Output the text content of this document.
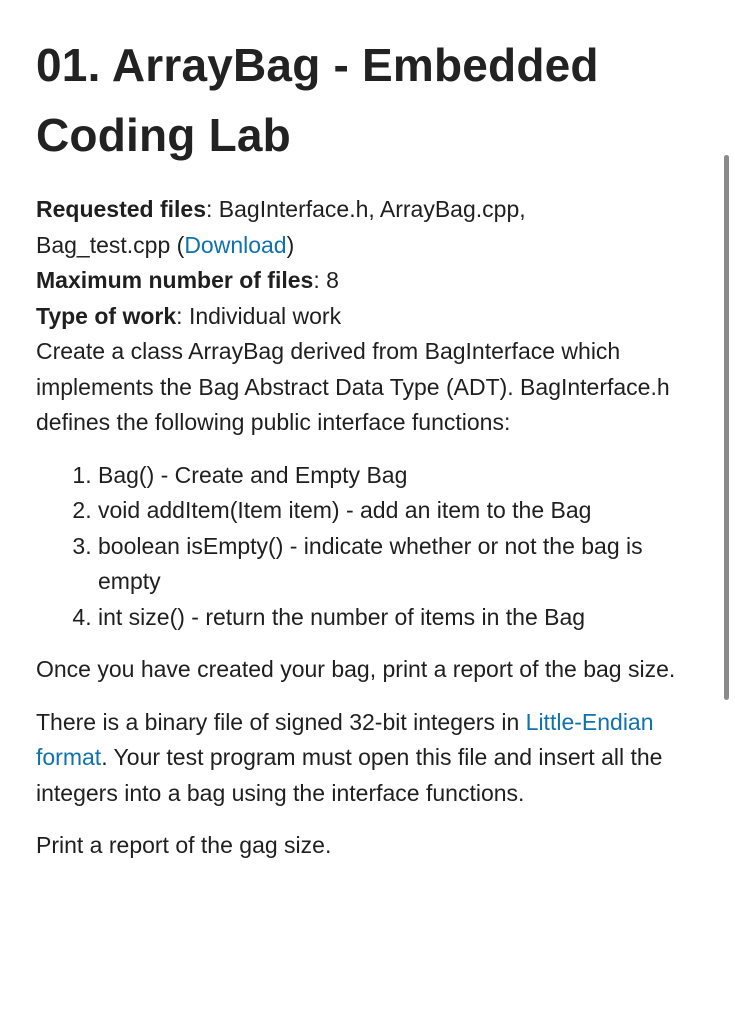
01. ArrayBag - Embedded Coding Lab
Requested files: BagInterface.h, ArrayBag.cpp,
Bag_test.cpp (Download)
Maximum number of files: 8
Type of work: Individual work

Create a class ArrayBag derived from BagInterface which implements the Bag Abstract Data Type (ADT). BagInterface.h defines the following public interface functions:

1. Bag() - Create and Empty Bag
2. void addItem(Item item) - add an item to the Bag
3. boolean isEmpty() - indicate whether or not the bag is empty
4. int size() - return the number of items in the Bag

Once you have created your bag, print a report of the bag size.

There is a binary file of signed 32-bit integers in Little-Endian format. Your test program must open this file and insert all the integers into a bag using the interface functions.

Print a report of the gag size.
